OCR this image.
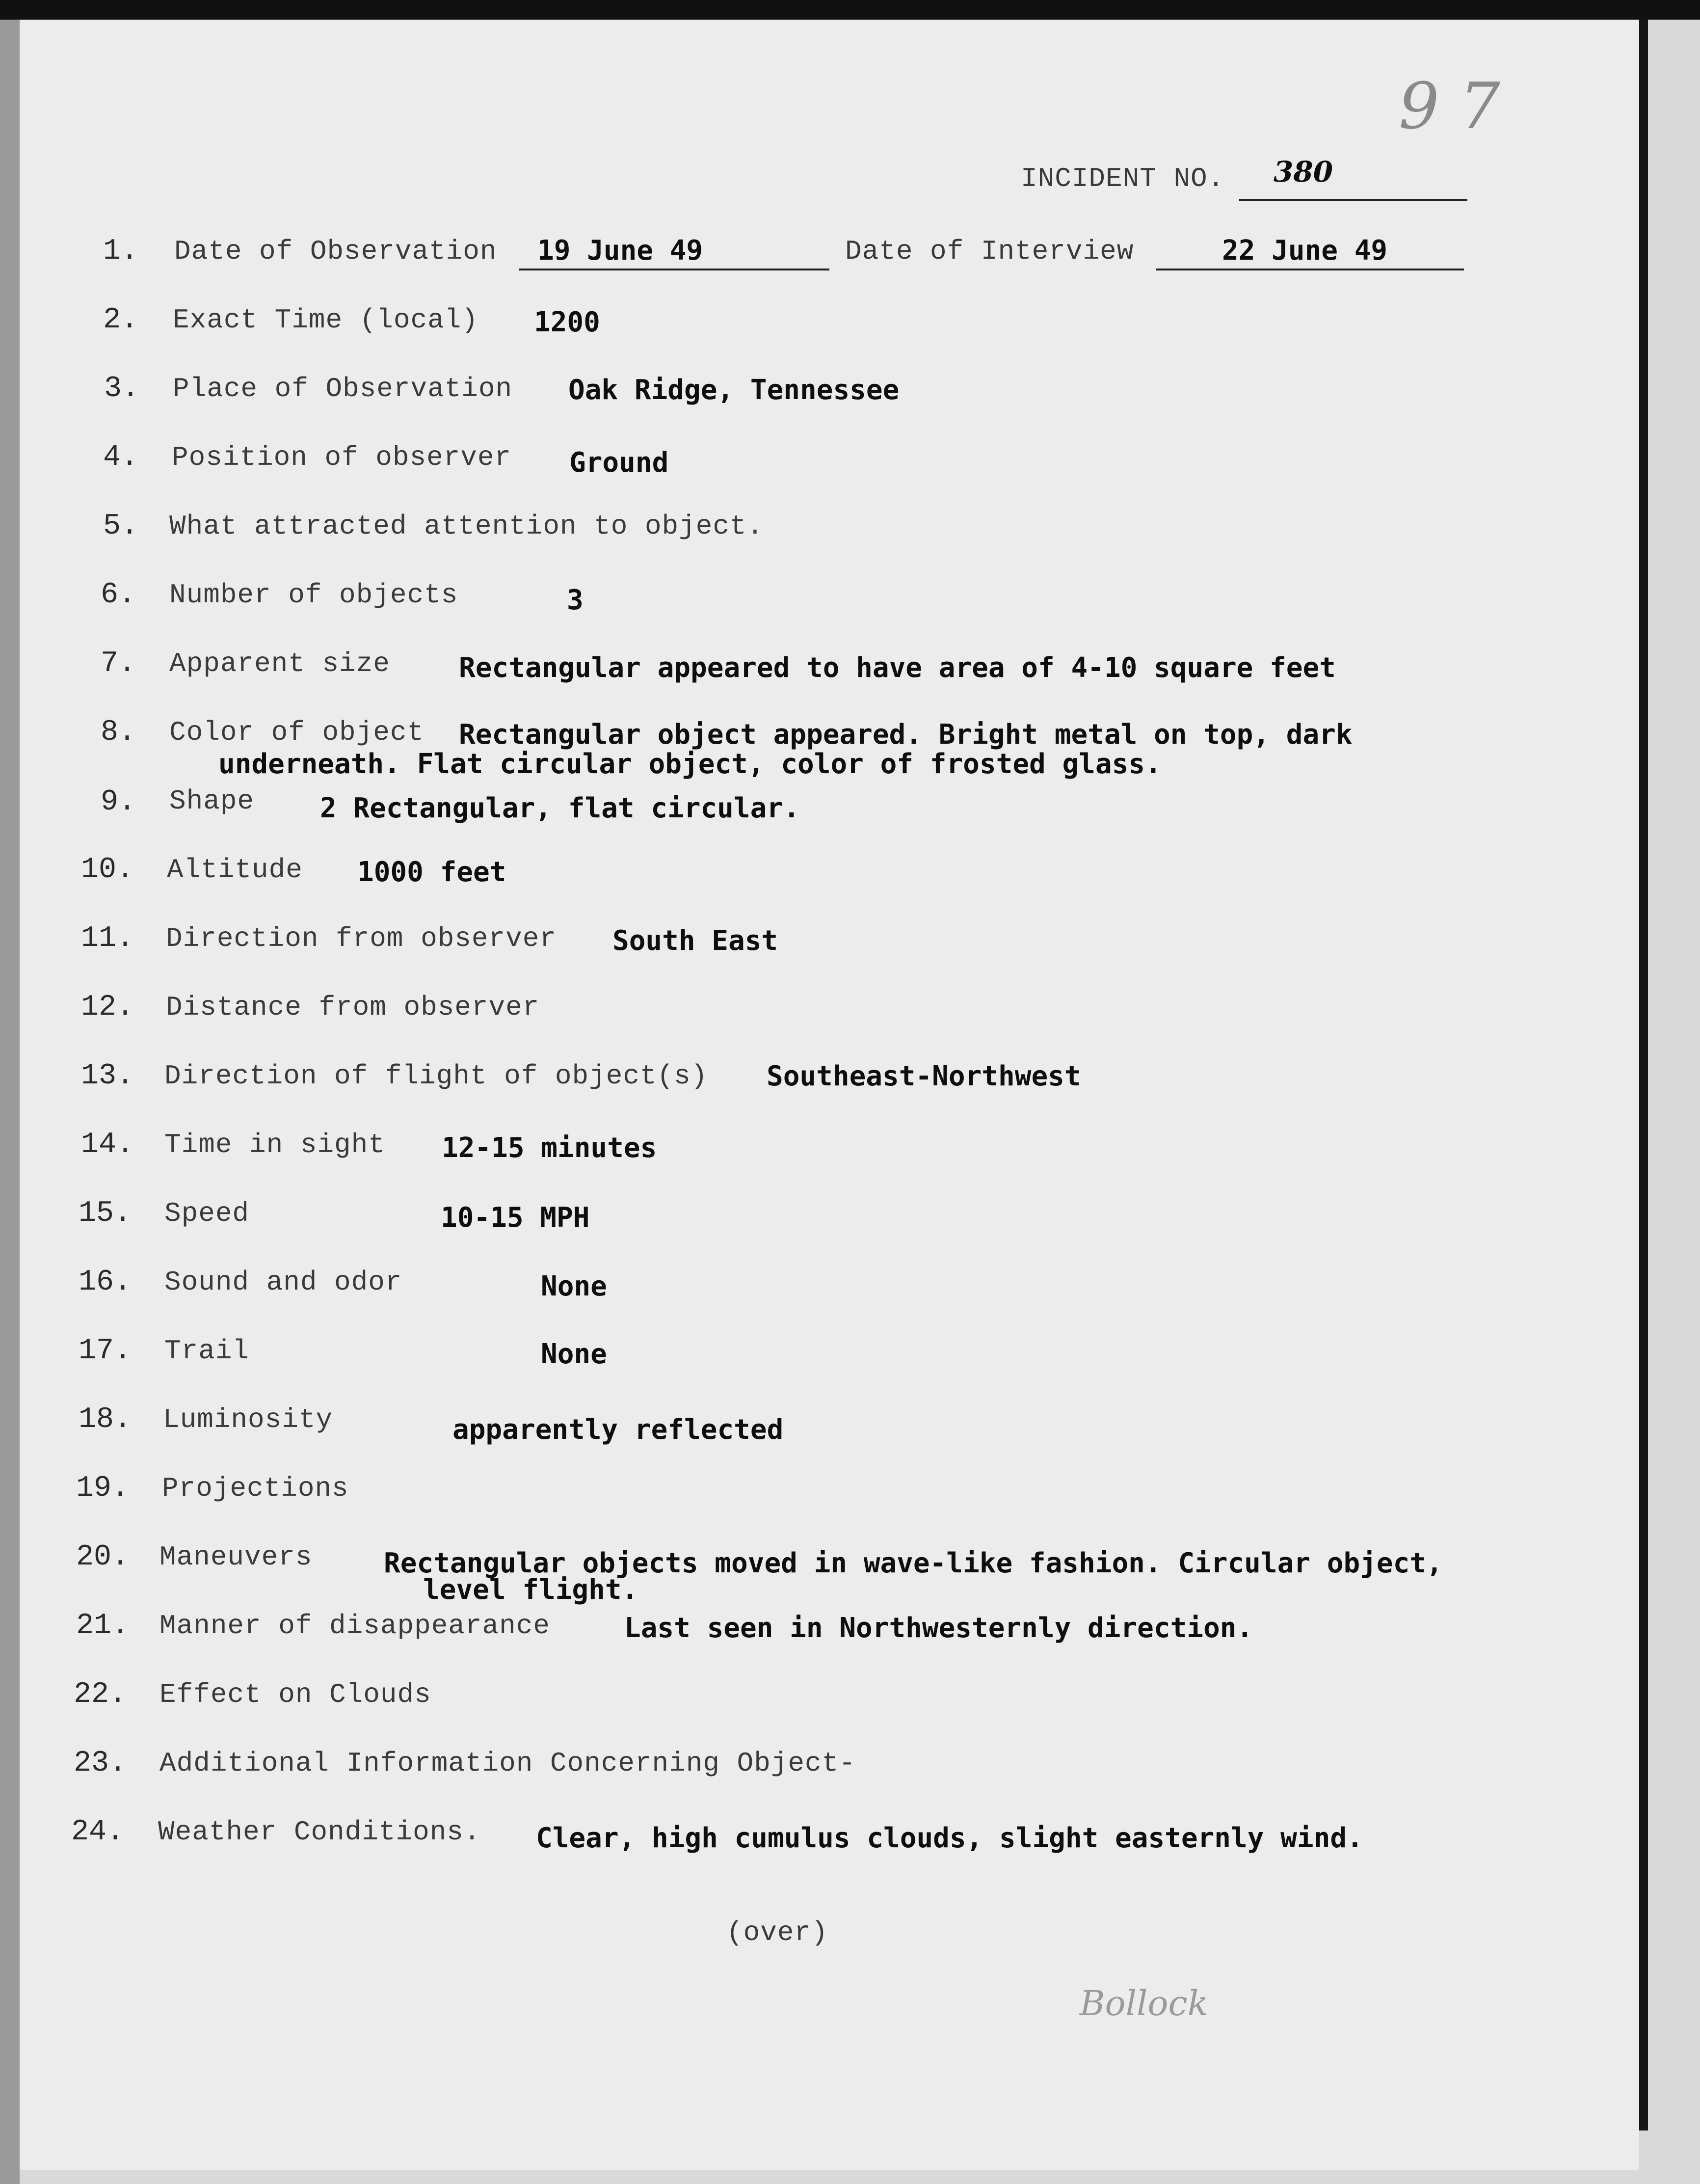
INCIDENT NO. 380
9 7
1. Date of Observation 19 June 49	Date of Interview	22 June 49
2. Exact Time (local) 1200
3. Place of Observation Oak Ridge, Tennessee
4. Position of observer Ground
5. What attracted attention to object.
6. Number of objects	3
7. Apparent size	Rectangular appeared to have area of 4-10 square feet
8. Color of object Rectangular object appeared. Bright metal on top, dark
underneath. Flat circular object, color of frosted glass.
9. Shape 2 Rectangular, flat circular.
10. Altitude 1000 feet
11. Direction from observer South East
12. Distance from observer
13. Direction of flight of object(s) Southeast-Northwest
14. Time in sight 12-15 minutes
15. Speed	10-15 MPH
16. Sound and odor	None
17. Trail	None
18. Luminosity	apparently reflected
19. Projections
20. Maneuvers	Rectangular objects moved in wave-like fashion. Circular object,
level flight.
21. Manner of disappearance	Last seen in Northwesternly direction.
22. Effect on Clouds
23. Additional Information Concerning Object-
24. Weather Conditions. Clear, high cumulus clouds, slight easternly wind.
(over)
Bollock
